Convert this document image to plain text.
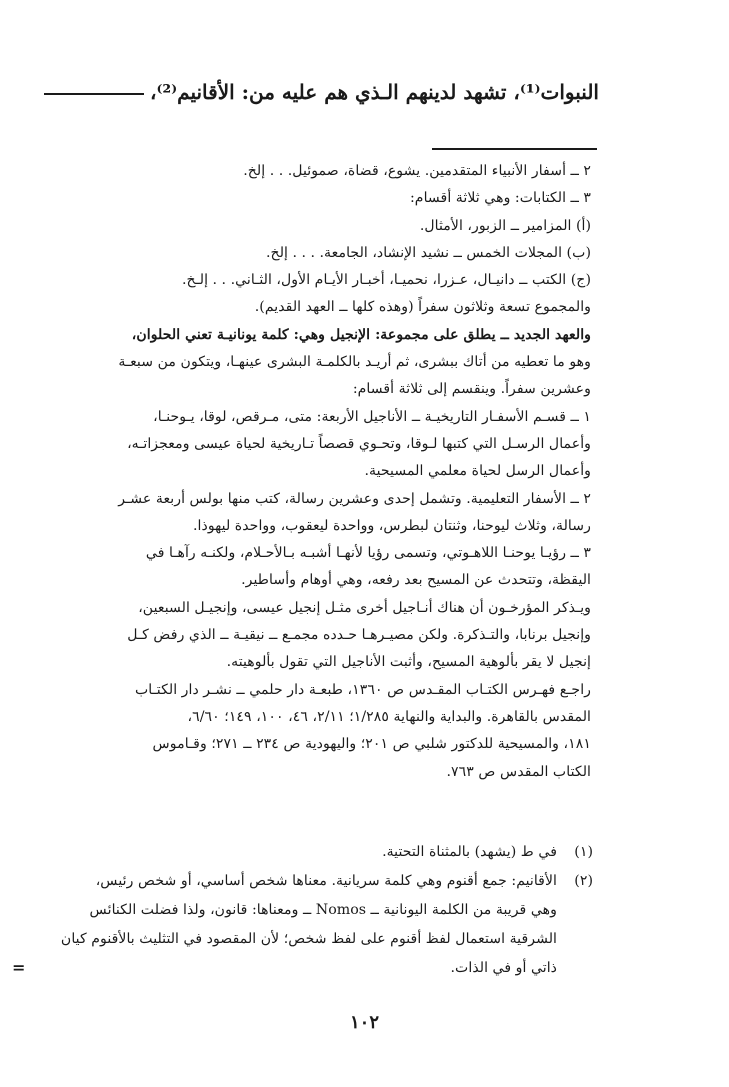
النبوات⁽¹⁾، تشهد لدينهم الـذي هم عليه من: الأقانيم⁽²⁾،
٢ ــ أسفار الأنبياء المتقدمين. يشوع، قضاة، صموئيل. . . إلخ.
٣ ــ الكتابات: وهي ثلاثة أقسام:
(أ) المزامير ــ الزبور، الأمثال.
(ب) المجلات الخمس ــ نشيد الإنشاد، الجامعة. . . . إلخ.
(ج) الكتب ــ دانيـال، عـزرا، نحميـا، أخبـار الأيـام الأول، الثـاني. . . إلـخ.
والمجموع تسعة وثلاثون سفراً (وهذه كلها ــ العهد القديم).
والعهد الجديد ــ يطلق على مجموعة: الإنجيل وهي: كلمة يونانيـة تعني الحلوان،
وهو ما تعطيه من أتاك ببشرى، ثم أريـد بالكلمـة البشرى عينهـا، ويتكون من سبعـة
وعشرين سفراً. وينقسم إلى ثلاثة أقسام:
١ ــ قسـم الأسفـار التاريخيـة ــ الأناجيل الأربعة: متى، مـرقص، لوقا، يـوحنـا،
وأعمال الرسـل التي كتبها لـوقا، وتحـوي قصصاً تـاريخية لحياة عيسى ومعجزاتـه،
وأعمال الرسل لحياة معلمي المسيحية.
٢ ــ الأسفار التعليمية. وتشمل إحدى وعشرين رسالة، كتب منها بولس أربعة عشـر
رسالة، وثلاث ليوحنا، وثنتان لبطرس، وواحدة ليعقوب، وواحدة ليهوذا.
٣ ــ رؤيـا يوحنـا اللاهـوتي، وتسمى رؤيا لأنهـا أشبـه بـالأحـلام، ولكنـه رآهـا في
اليقظة، وتتحدث عن المسيح بعد رفعه، وهي أوهام وأساطير.
ويـذكر المؤرخـون أن هناك أنـاجيل أخرى مثـل إنجيل عيسى، وإنجيـل السبعين،
وإنجيل برنابا، والتـذكرة. ولكن مصيـرهـا حـدده مجمـع ــ نيقيـة ــ الذي رفض كـل
إنجيل لا يقر بألوهية المسيح، وأثبت الأناجيل التي تقول بألوهيته.
راجـع فهـرس الكتـاب المقـدس ص ١٣٦٠، طبعـة دار حلمي ــ نشـر دار الكتـاب
المقدس بالقاهرة. والبداية والنهاية ١/٢٨٥؛ ٢/١١، ٤٦، ١٠٠، ١٤٩؛ ٦/٦٠،
١٨١، والمسيحية للدكتور شلبي ص ٢٠١؛ واليهودية ص ٢٣٤ ــ ٢٧١؛ وقـاموس
الكتاب المقدس ص ٧٦٣.
(١)
في ط (يشهد) بالمثناة التحتية.
(٢)
الأقانيم: جمع أقنوم وهي كلمة سريانية. معناها شخص أساسي، أو شخص رئيس،
وهي قريبة من الكلمة اليونانية ــ Nomos ــ ومعناها: قانون، ولذا فضلت الكنائس
الشرقية استعمال لفظ أقنوم على لفظ شخص؛ لأن المقصود في التثليث بالأقنوم كيان
ذاتي أو في الذات.
=
١٠٢
